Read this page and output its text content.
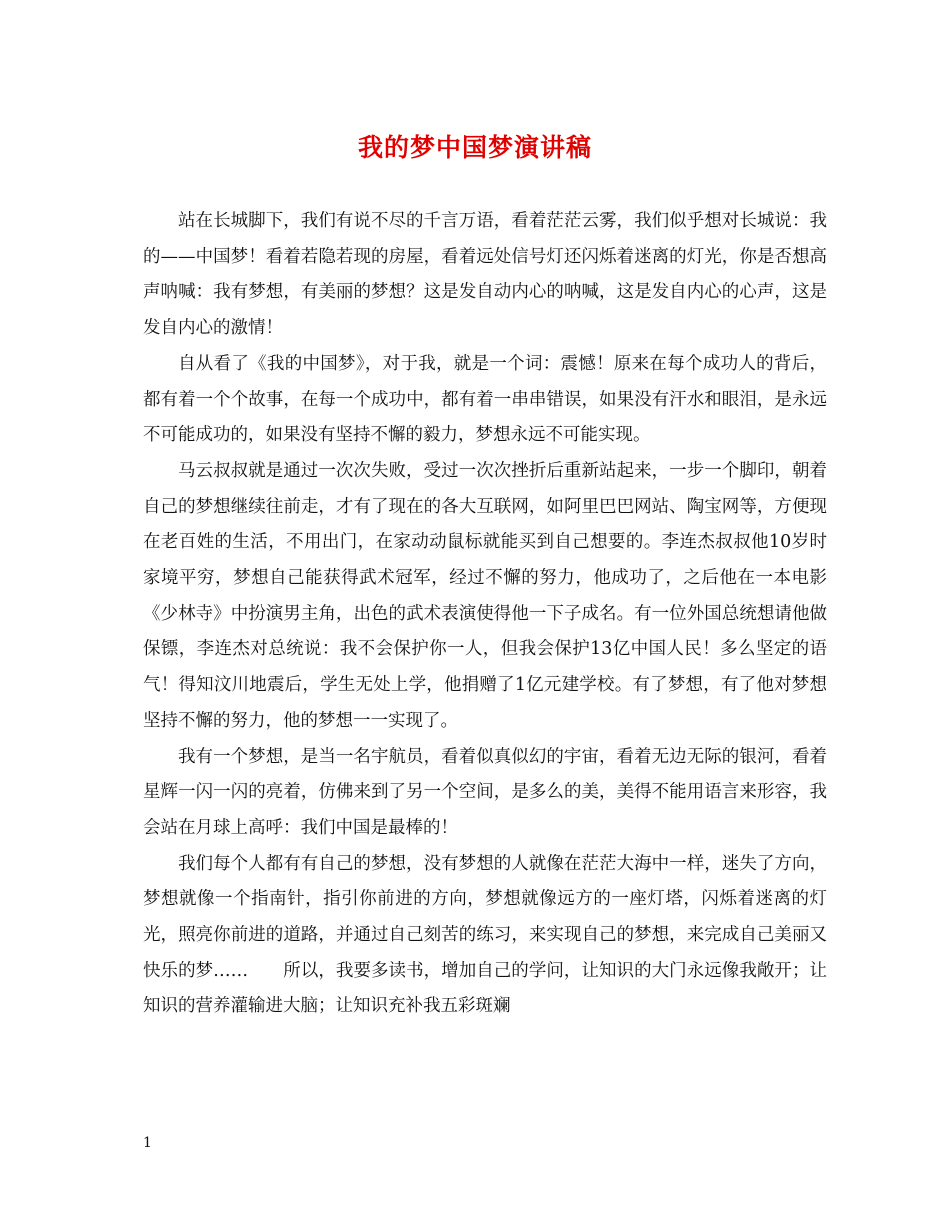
我的梦中国梦演讲稿

站在长城脚下，我们有说不尽的千言万语，看着茫茫云雾，我们似乎想对长城说：我的——中国梦！看着若隐若现的房屋，看着远处信号灯还闪烁着迷离的灯光，你是否想高声呐喊：我有梦想，有美丽的梦想？这是发自动内心的呐喊，这是发自内心的心声，这是发自内心的激情！

自从看了《我的中国梦》，对于我，就是一个词：震憾！原来在每个成功人的背后，都有着一个个故事，在每一个成功中，都有着一串串错误，如果没有汗水和眼泪，是永远不可能成功的，如果没有坚持不懈的毅力，梦想永远不可能实现。

马云叔叔就是通过一次次失败，受过一次次挫折后重新站起来，一步一个脚印，朝着自己的梦想继续往前走，才有了现在的各大互联网，如阿里巴巴网站、陶宝网等，方便现在老百姓的生活，不用出门，在家动动鼠标就能买到自己想要的。李连杰叔叔他10岁时家境平穷，梦想自己能获得武术冠军，经过不懈的努力，他成功了，之后他在一本电影《少林寺》中扮演男主角，出色的武术表演使得他一下子成名。有一位外国总统想请他做保镖，李连杰对总统说：我不会保护你一人，但我会保护13亿中国人民！多么坚定的语气！得知汶川地震后，学生无处上学，他捐赠了1亿元建学校。有了梦想，有了他对梦想坚持不懈的努力，他的梦想一一实现了。

我有一个梦想，是当一名宇航员，看着似真似幻的宇宙，看着无边无际的银河，看着星辉一闪一闪的亮着，仿佛来到了另一个空间，是多么的美，美得不能用语言来形容，我会站在月球上高呼：我们中国是最棒的！

我们每个人都有有自己的梦想，没有梦想的人就像在茫茫大海中一样，迷失了方向，梦想就像一个指南针，指引你前进的方向，梦想就像远方的一座灯塔，闪烁着迷离的灯光，照亮你前进的道路，并通过自己刻苦的练习，来实现自己的梦想，来完成自己美丽又快乐的梦……　　所以，我要多读书，增加自己的学问，让知识的大门永远像我敞开；让知识的营养灌输进大脑；让知识充补我五彩斑斓

1
